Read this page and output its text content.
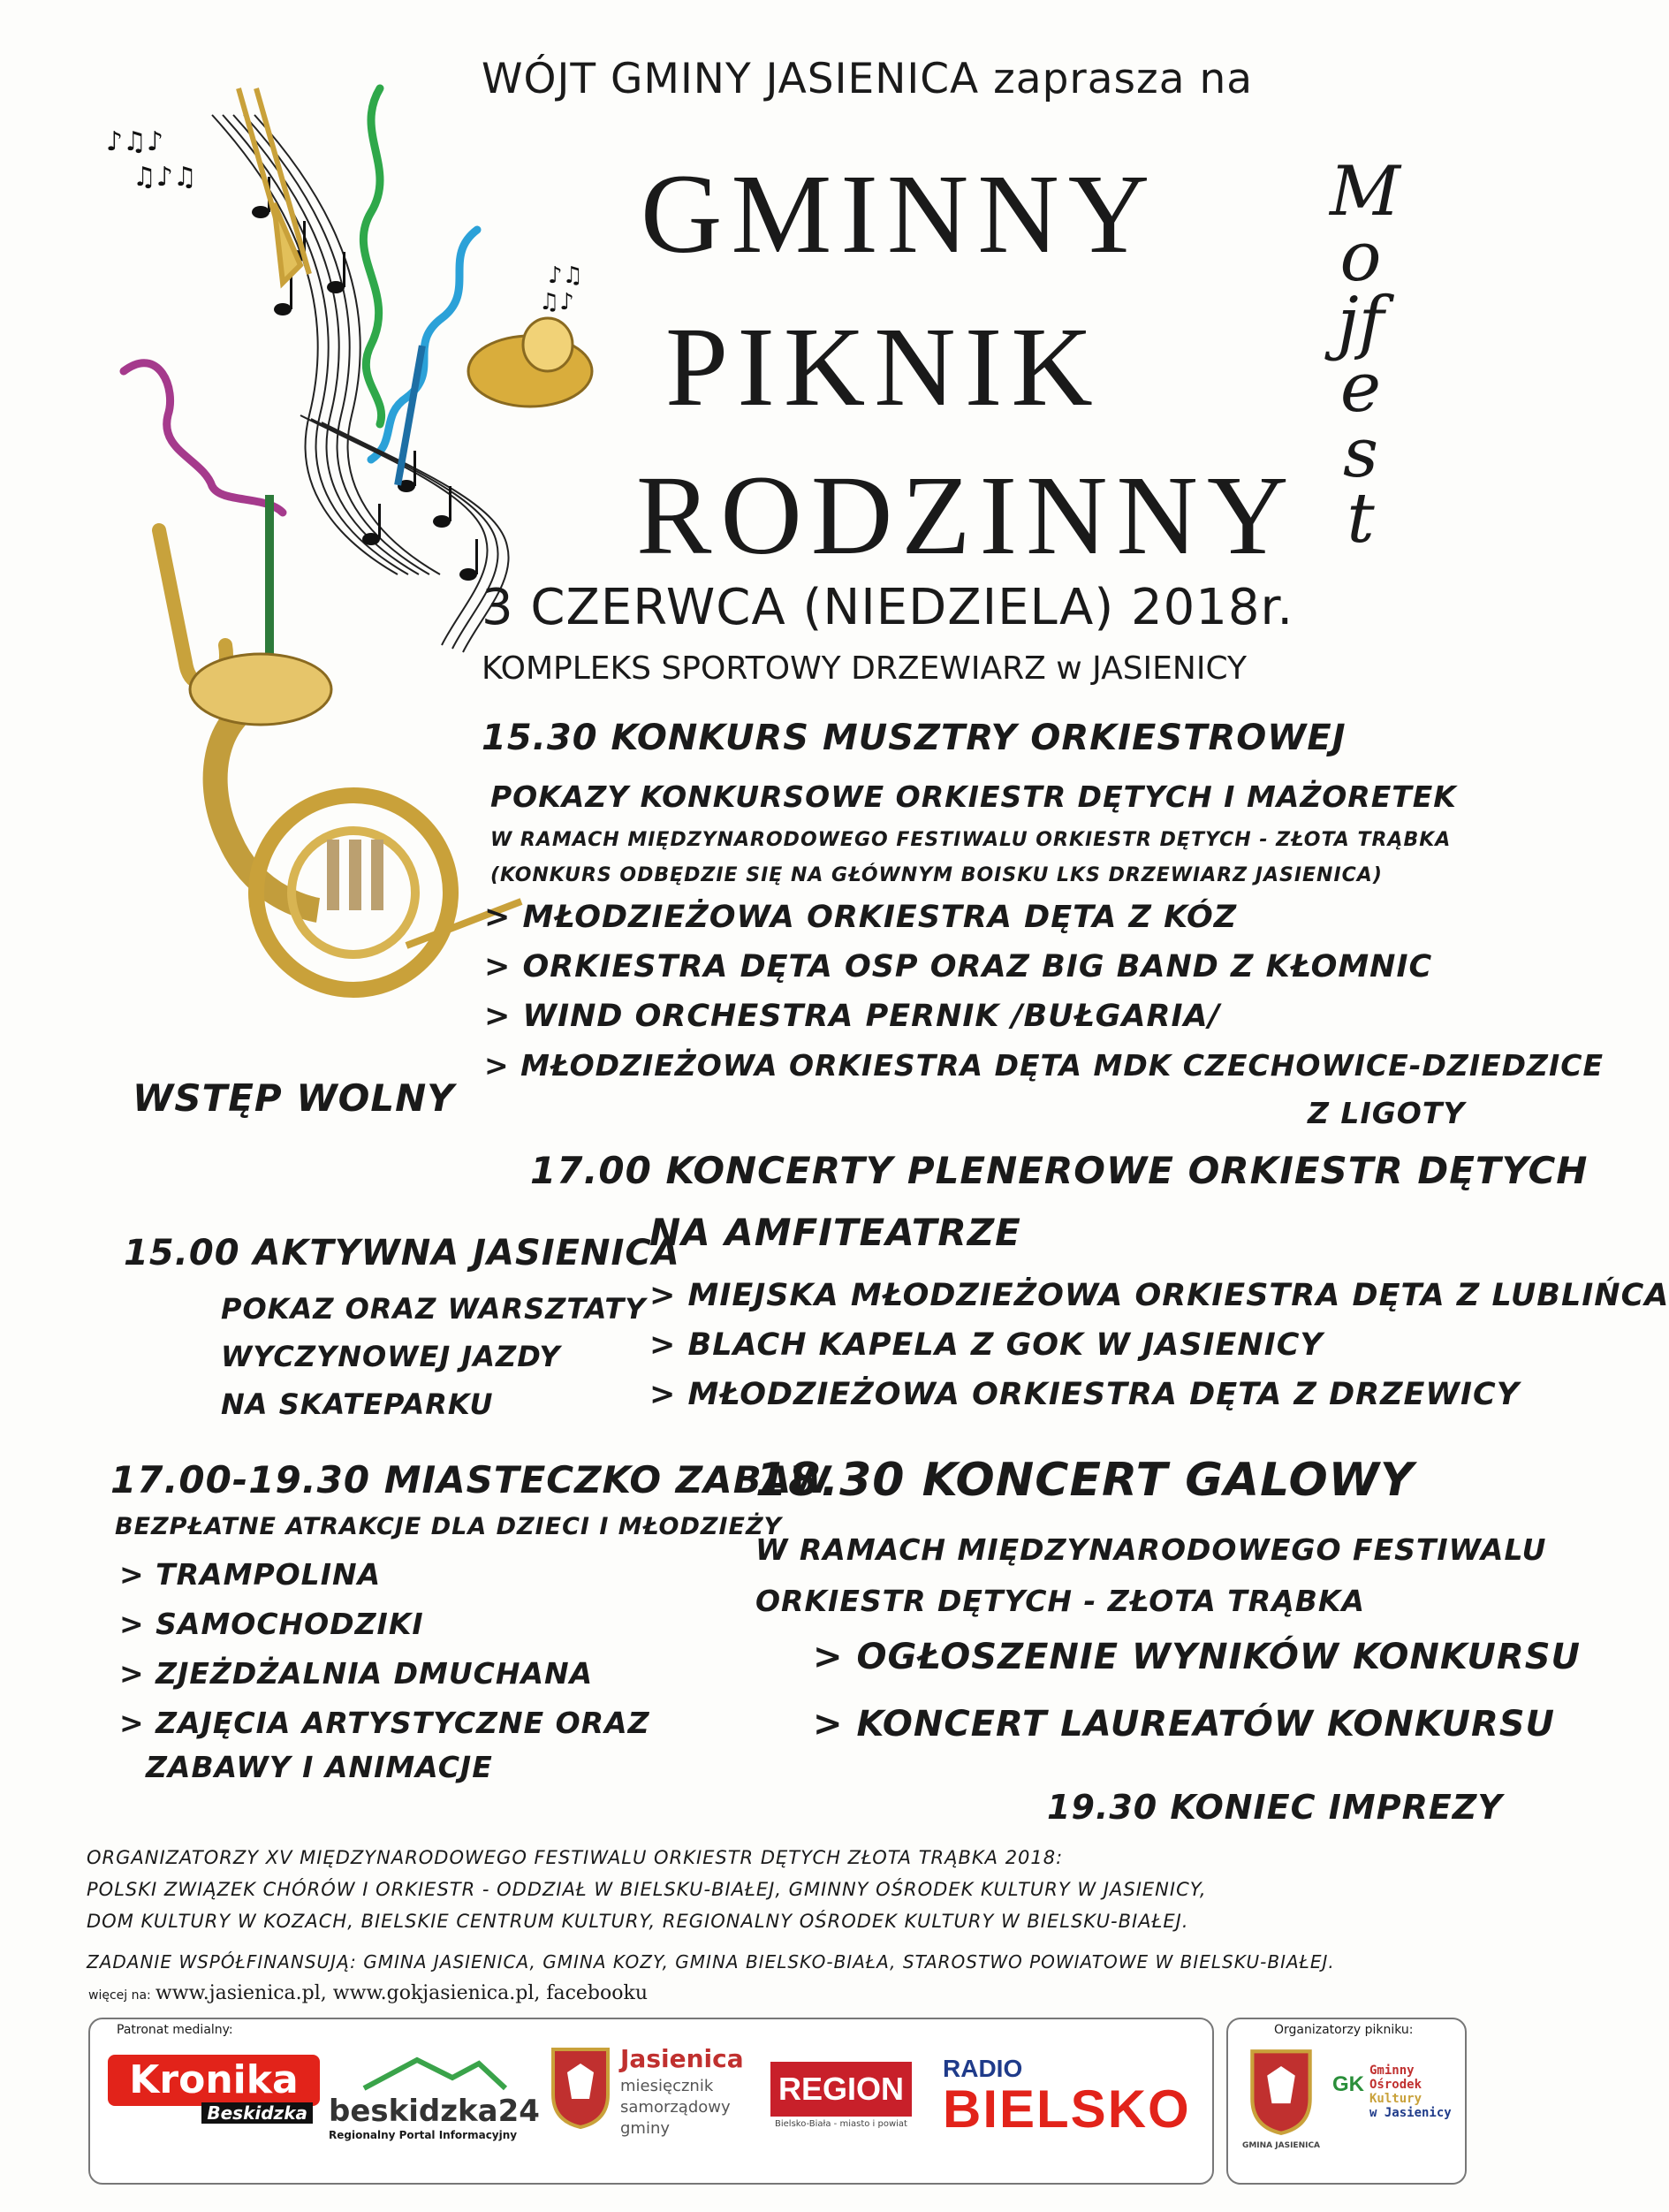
♪♫♪
♫♪♫
♪♫
♫♪
WÓJT GMINY JASIENICA zaprasza na
GMINNY
PIKNIK
RODZINNY
Mojfest
3 CZERWCA (NIEDZIELA) 2018r.
KOMPLEKS SPORTOWY DRZEWIARZ w JASIENICY
15.30 KONKURS MUSZTRY ORKIESTROWEJ
POKAZY KONKURSOWE ORKIESTR DĘTYCH I MAŻORETEK
W RAMACH MIĘDZYNARODOWEGO FESTIWALU ORKIESTR DĘTYCH - ZŁOTA TRĄBKA
(KONKURS ODBĘDZIE SIĘ NA GŁÓWNYM BOISKU LKS DRZEWIARZ JASIENICA)
> MŁODZIEŻOWA ORKIESTRA DĘTA Z KÓZ
> ORKIESTRA DĘTA OSP ORAZ BIG BAND Z KŁOMNIC
> WIND ORCHESTRA PERNIK /BUŁGARIA/
> MŁODZIEŻOWA ORKIESTRA DĘTA MDK CZECHOWICE-DZIEDZICE
Z LIGOTY
WSTĘP WOLNY
17.00 KONCERTY PLENEROWE ORKIESTR DĘTYCH
NA AMFITEATRZE
> MIEJSKA MŁODZIEŻOWA ORKIESTRA DĘTA Z LUBLIŃCA
> BLACH KAPELA Z GOK W JASIENICY
> MŁODZIEŻOWA ORKIESTRA DĘTA Z DRZEWICY
15.00 AKTYWNA JASIENICA
POKAZ ORAZ WARSZTATY
WYCZYNOWEJ JAZDY
NA SKATEPARKU
17.00-19.30 MIASTECZKO ZABAW
BEZPŁATNE ATRAKCJE DLA DZIECI I MŁODZIEŻY
> TRAMPOLINA
> SAMOCHODZIKI
> ZJEŻDŻALNIA DMUCHANA
> ZAJĘCIA ARTYSTYCZNE ORAZ
ZABAWY I ANIMACJE
18.30 KONCERT GALOWY
W RAMACH MIĘDZYNARODOWEGO FESTIWALU
ORKIESTR DĘTYCH - ZŁOTA TRĄBKA
> OGŁOSZENIE WYNIKÓW KONKURSU
> KONCERT LAUREATÓW KONKURSU
19.30 KONIEC IMPREZY
ORGANIZATORZY XV MIĘDZYNARODOWEGO FESTIWALU ORKIESTR DĘTYCH ZŁOTA TRĄBKA 2018:
POLSKI ZWIĄZEK CHÓRÓW I ORKIESTR - ODDZIAŁ W BIELSKU-BIAŁEJ, GMINNY OŚRODEK KULTURY W JASIENICY,
DOM KULTURY W KOZACH, BIELSKIE CENTRUM KULTURY, REGIONALNY OŚRODEK KULTURY W BIELSKU-BIAŁEJ.
ZADANIE WSPÓŁFINANSUJĄ: GMINA JASIENICA, GMINA KOZY, GMINA BIELSKO-BIAŁA, STAROSTWO POWIATOWE W BIELSKU-BIAŁEJ.
więcej na: www.jasienica.pl, www.gokjasienica.pl, facebooku
Patronat medialny:
Kronika
Beskidzka beskidzka24
Regionalny Portal Informacyjny
Jasienica
miesięcznik
samorządowy
gminy
REGION
Bielsko-Biała - miasto i powiat
RADIO
BIELSKO
Organizatorzy pikniku:
GMINA JASIENICA
GK
Gminny
Ośrodek
Kultury
w Jasienicy
